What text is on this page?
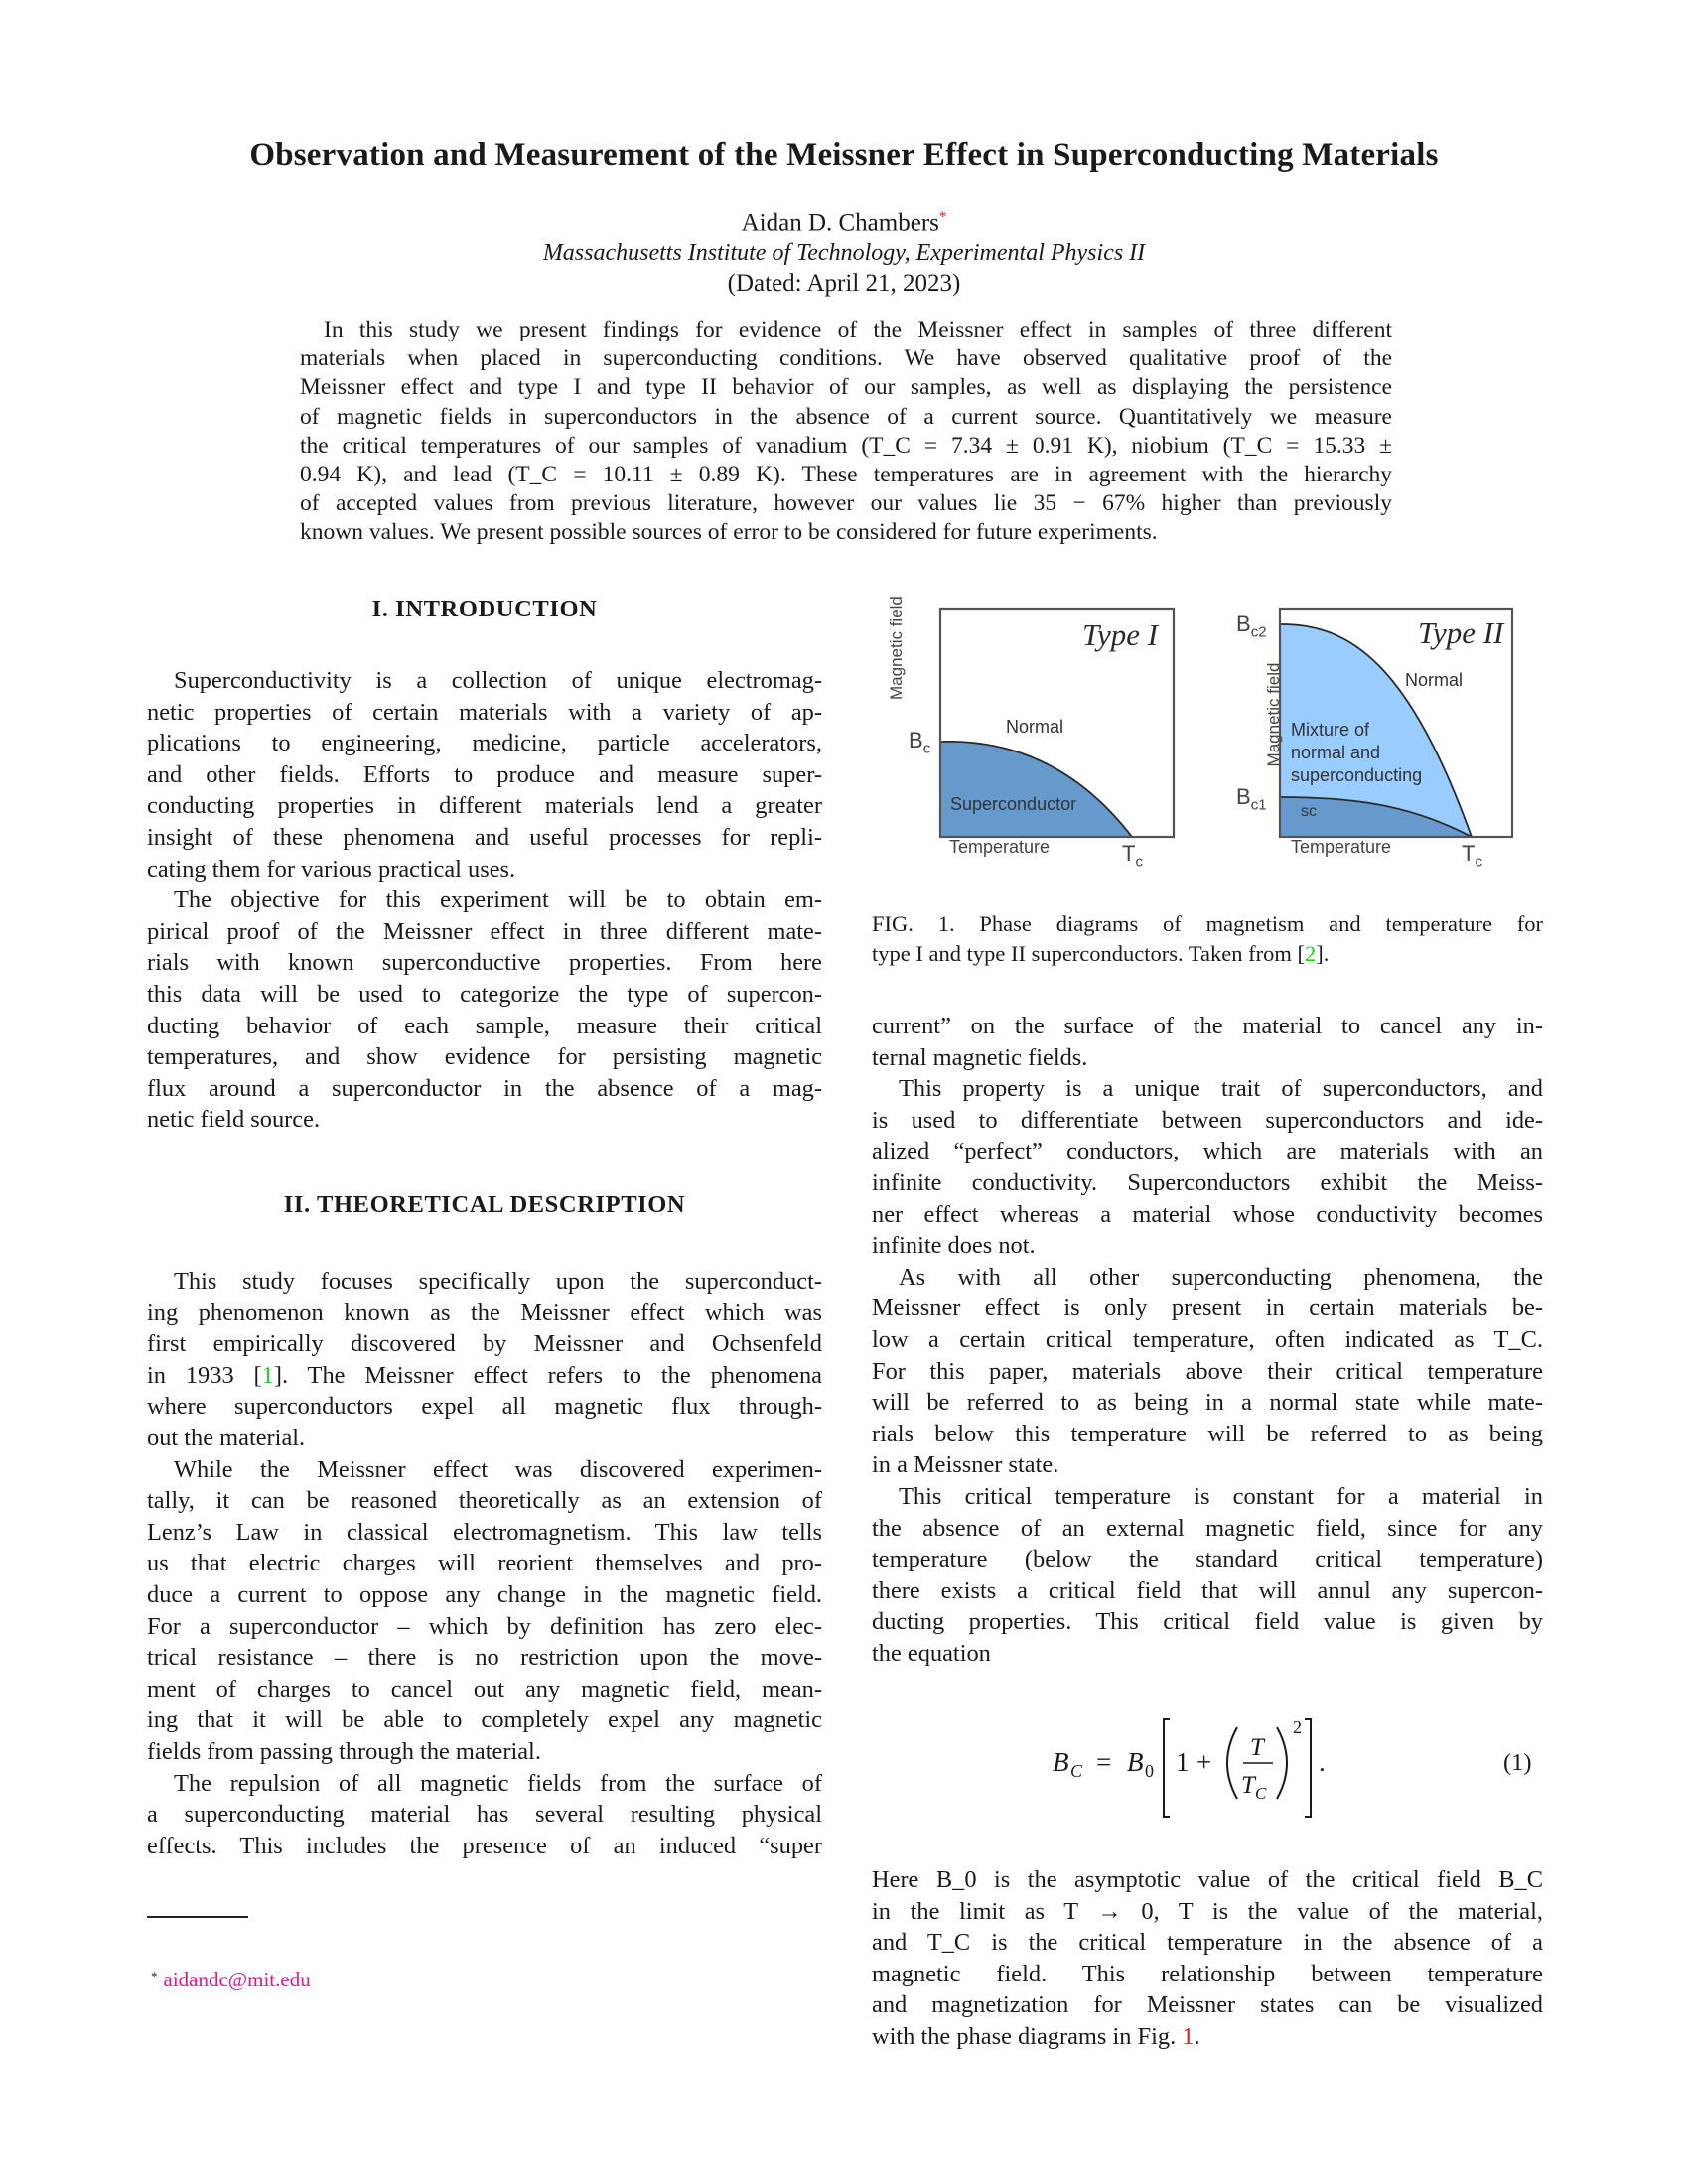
Observation and Measurement of the Meissner Effect in Superconducting Materials
Aidan D. Chambers*
Massachusetts Institute of Technology, Experimental Physics II
(Dated: April 21, 2023)
In this study we present findings for evidence of the Meissner effect in samples of three different
materials when placed in superconducting conditions. We have observed qualitative proof of the
Meissner effect and type I and type II behavior of our samples, as well as displaying the persistence
of magnetic fields in superconductors in the absence of a current source. Quantitatively we measure
the critical temperatures of our samples of vanadium (T_C = 7.34 ± 0.91 K), niobium (T_C = 15.33 ±
0.94 K), and lead (T_C = 10.11 ± 0.89 K). These temperatures are in agreement with the hierarchy
of accepted values from previous literature, however our values lie 35 − 67% higher than previously
known values. We present possible sources of error to be considered for future experiments.
I. INTRODUCTION
Superconductivity is a collection of unique electromag-
netic properties of certain materials with a variety of ap-
plications to engineering, medicine, particle accelerators,
and other fields. Efforts to produce and measure super-
conducting properties in different materials lend a greater
insight of these phenomena and useful processes for repli-
cating them for various practical uses.
The objective for this experiment will be to obtain em-
pirical proof of the Meissner effect in three different mate-
rials with known superconductive properties. From here
this data will be used to categorize the type of supercon-
ducting behavior of each sample, measure their critical
temperatures, and show evidence for persisting magnetic
flux around a superconductor in the absence of a mag-
netic field source.
II. THEORETICAL DESCRIPTION
This study focuses specifically upon the superconduct-
ing phenomenon known as the Meissner effect which was
first empirically discovered by Meissner and Ochsenfeld
in 1933 [1]. The Meissner effect refers to the phenomena
where superconductors expel all magnetic flux through-
out the material.
While the Meissner effect was discovered experimen-
tally, it can be reasoned theoretically as an extension of
Lenz’s Law in classical electromagnetism. This law tells
us that electric charges will reorient themselves and pro-
duce a current to oppose any change in the magnetic field.
For a superconductor – which by definition has zero elec-
trical resistance – there is no restriction upon the move-
ment of charges to cancel out any magnetic field, mean-
ing that it will be able to completely expel any magnetic
fields from passing through the material.
The repulsion of all magnetic fields from the surface of
a superconducting material has several resulting physical
effects. This includes the presence of an induced “super
* aidandc@mit.edu
Type I
Magnetic field
Normal
Superconductor
Temperature
$B_c$
$T_c$
Type II
Magnetic field	Normal
Mixture of
normal and
superconducting
sc
Temperature
$B_{c2}$
$B_{c1}$
$T_c$
FIG. 1. Phase diagrams of magnetism and temperature for
type I and type II superconductors. Taken from [2].
current” on the surface of the material to cancel any in-
ternal magnetic fields.
This property is a unique trait of superconductors, and
is used to differentiate between superconductors and ide-
alized “perfect” conductors, which are materials with an
infinite conductivity. Superconductors exhibit the Meiss-
ner effect whereas a material whose conductivity becomes
infinite does not.
As with all other superconducting phenomena, the
Meissner effect is only present in certain materials be-
low a certain critical temperature, often indicated as T_C.
For this paper, materials above their critical temperature
will be referred to as being in a normal state while mate-
rials below this temperature will be referred to as being
in a Meissner state.
This critical temperature is constant for a material in
the absence of an external magnetic field, since for any
temperature (below the standard critical temperature)
there exists a critical field that will annul any supercon-
ducting properties. This critical field value is given by
the equation
B C = B 0 1 + T
T C
2
.	(1)
Here B_0 is the asymptotic value of the critical field B_C
in the limit as T → 0, T is the value of the material,
and T_C is the critical temperature in the absence of a
magnetic field. This relationship between temperature
and magnetization for Meissner states can be visualized
with the phase diagrams in Fig. 1.
